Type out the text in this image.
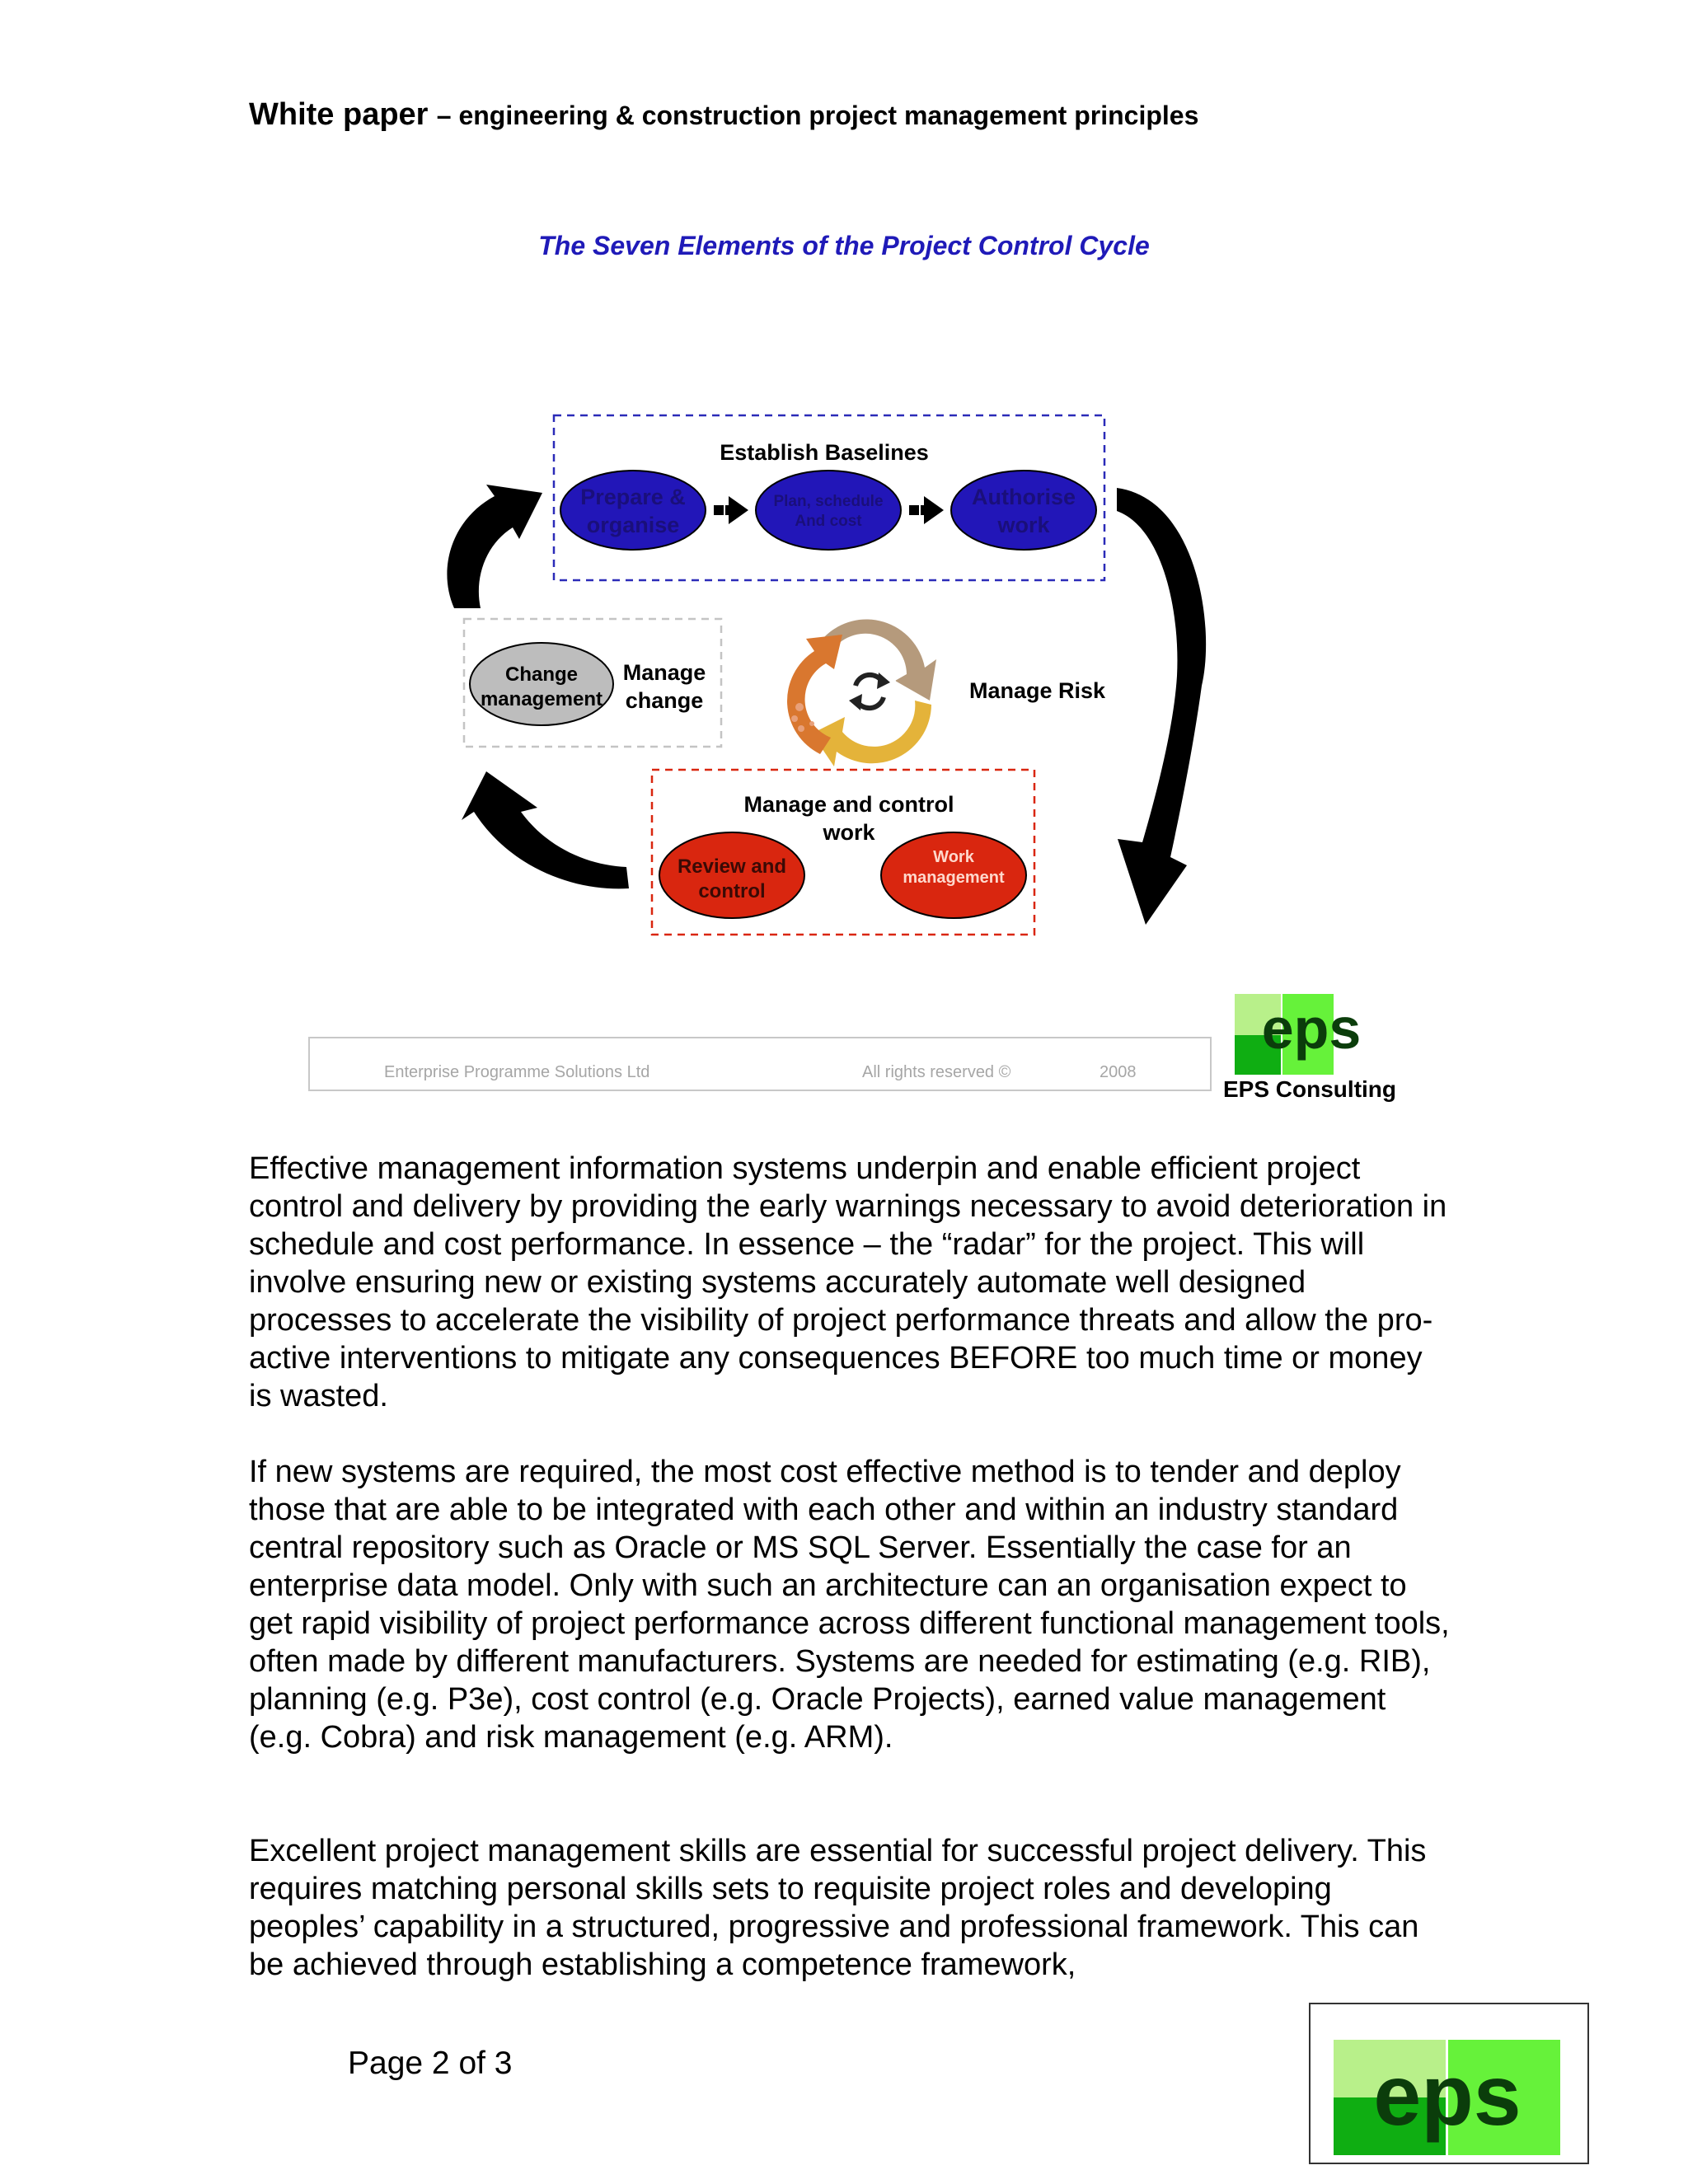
White paper – engineering & construction project management principles
The Seven Elements of the Project Control Cycle
Establish Baselines
Prepare &
organise
Plan, schedule
And cost
Authorise
work
Change
management
Manage
change	Manage Risk
Manage and control
work
Review and
control
Work
management
eps
eps
Enterprise Programme Solutions Ltd	All rights reserved ©	2008
EPS Consulting
Effective management information systems underpin and enable efficient project control and delivery by providing the early warnings necessary to avoid deterioration in schedule and cost performance. In essence – the “radar” for the project. This will involve ensuring new or existing systems accurately automate well designed processes to accelerate the visibility of project performance threats and allow the pro-active interventions to mitigate any consequences BEFORE too much time or money is wasted.
If new systems are required, the most cost effective method is to tender and deploy those that are able to be integrated with each other and within an industry standard central repository such as Oracle or MS SQL Server. Essentially the case for an enterprise data model. Only with such an architecture can an organisation expect to get rapid visibility of project performance across different functional management tools, often made by different manufacturers. Systems are needed for estimating (e.g. RIB), planning (e.g. P3e), cost control (e.g. Oracle Projects), earned value management (e.g. Cobra) and risk management (e.g. ARM).
Excellent project management skills are essential for successful project delivery. This requires matching personal skills sets to requisite project roles and developing peoples’ capability in a structured, progressive and professional framework. This can be achieved through establishing a competence framework,
Page 2 of 3
